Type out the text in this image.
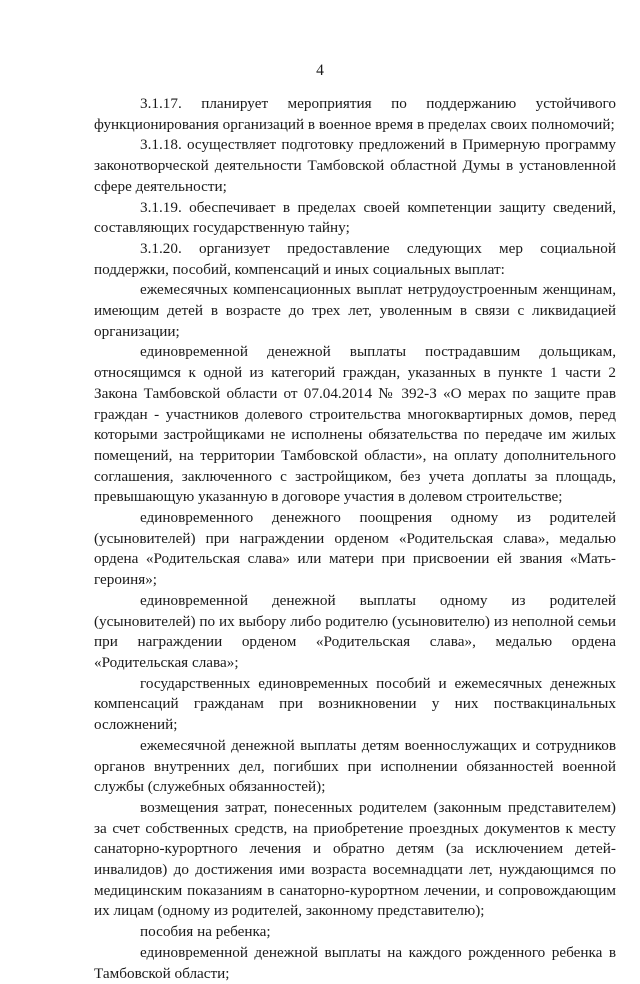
4

3.1.17. планирует мероприятия по поддержанию устойчивого функционирования организаций в военное время в пределах своих полномочий;

3.1.18. осуществляет подготовку предложений в Примерную программу законотворческой деятельности Тамбовской областной Думы в установленной сфере деятельности;

3.1.19. обеспечивает в пределах своей компетенции защиту сведений, составляющих государственную тайну;

3.1.20. организует предоставление следующих мер социальной поддержки, пособий, компенсаций и иных социальных выплат:

ежемесячных компенсационных выплат нетрудоустроенным женщинам, имеющим детей в возрасте до трех лет, уволенным в связи с ликвидацией организации;

единовременной денежной выплаты пострадавшим дольщикам, относящимся к одной из категорий граждан, указанных в пункте 1 части 2 Закона Тамбовской области от 07.04.2014 № 392-З «О мерах по защите прав граждан - участников долевого строительства многоквартирных домов, перед которыми застройщиками не исполнены обязательства по передаче им жилых помещений, на территории Тамбовской области», на оплату дополнительного соглашения, заключенного с застройщиком, без учета доплаты за площадь, превышающую указанную в договоре участия в долевом строительстве;

единовременного денежного поощрения одному из родителей (усыновителей) при награждении орденом «Родительская слава», медалью ордена «Родительская слава» или матери при присвоении ей звания «Мать-героиня»;

единовременной денежной выплаты одному из родителей (усыновителей) по их выбору либо родителю (усыновителю) из неполной семьи при награждении орденом «Родительская слава», медалью ордена «Родительская слава»;

государственных единовременных пособий и ежемесячных денежных компенсаций гражданам при возникновении у них поствакцинальных осложнений;

ежемесячной денежной выплаты детям военнослужащих и сотрудников органов внутренних дел, погибших при исполнении обязанностей военной службы (служебных обязанностей);

возмещения затрат, понесенных родителем (законным представителем) за счет собственных средств, на приобретение проездных документов к месту санаторно-курортного лечения и обратно детям (за исключением детей-инвалидов) до достижения ими возраста восемнадцати лет, нуждающимся по медицинским показаниям в санаторно-курортном лечении, и сопровождающим их лицам (одному из родителей, законному представителю);

пособия на ребенка;

единовременной денежной выплаты на каждого рожденного ребенка в Тамбовской области;
